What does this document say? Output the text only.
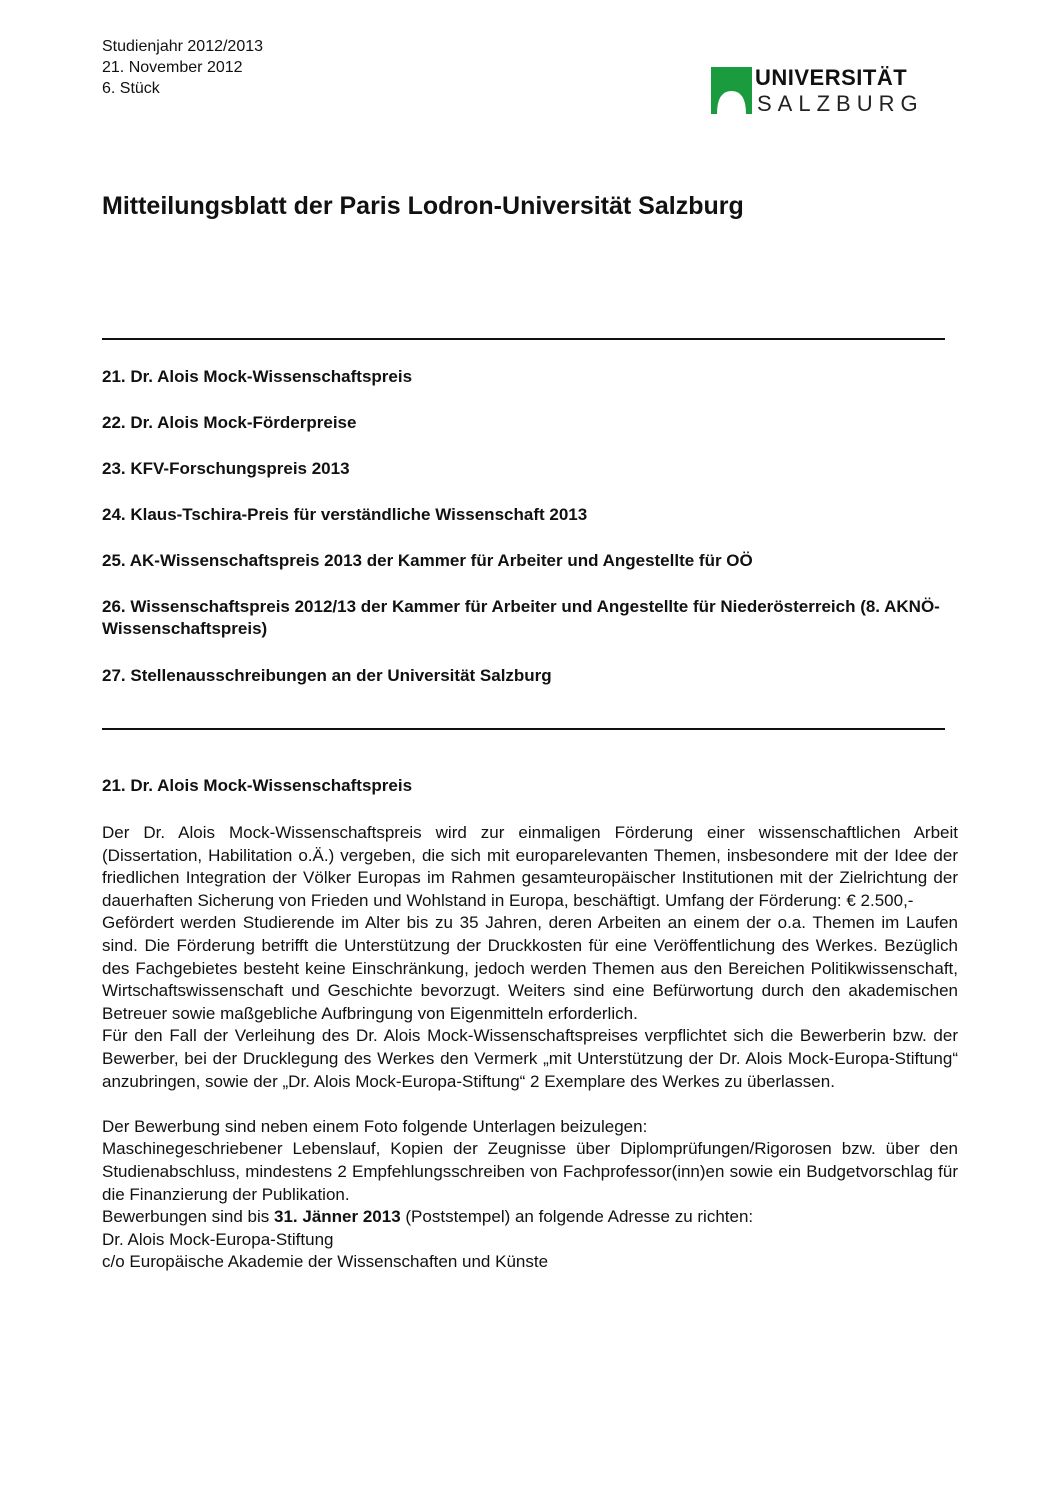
Studienjahr 2012/2013
21. November 2012
6. Stück	UNIVERSITÄT
SALZBURG
Mitteilungsblatt der Paris Lodron-Universität Salzburg
21. Dr. Alois Mock-Wissenschaftspreis
22. Dr. Alois Mock-Förderpreise
23. KFV-Forschungspreis 2013
24. Klaus-Tschira-Preis für verständliche Wissenschaft 2013
25. AK-Wissenschaftspreis 2013 der Kammer für Arbeiter und Angestellte für OÖ
26. Wissenschaftspreis 2012/13 der Kammer für Arbeiter und Angestellte für Niederösterreich (8. AKNÖ-Wissenschaftspreis)
27. Stellenausschreibungen an der Universität Salzburg
21. Dr. Alois Mock-Wissenschaftspreis

Der Dr. Alois Mock-Wissenschaftspreis wird zur einmaligen Förderung einer wissenschaftlichen Arbeit (Dissertation, Habilitation o.Ä.) vergeben, die sich mit europarelevanten Themen, insbesondere mit der Idee der friedlichen Integration der Völker Europas im Rahmen gesamteuropäischer Institutionen mit der Zielrichtung der dauerhaften Sicherung von Frieden und Wohlstand in Europa, beschäftigt. Umfang der Förderung: € 2.500,-

Gefördert werden Studierende im Alter bis zu 35 Jahren, deren Arbeiten an einem der o.a. Themen im Laufen sind. Die Förderung betrifft die Unterstützung der Druckkosten für eine Veröffentlichung des Werkes. Bezüglich des Fachgebietes besteht keine Einschränkung, jedoch werden Themen aus den Bereichen Politikwissenschaft, Wirtschaftswissenschaft und Geschichte bevorzugt. Weiters sind eine Befürwortung durch den akademischen Betreuer sowie maßgebliche Aufbringung von Eigenmitteln erforderlich.

Für den Fall der Verleihung des Dr. Alois Mock-Wissenschaftspreises verpflichtet sich die Bewerberin bzw. der Bewerber, bei der Drucklegung des Werkes den Vermerk „mit Unterstützung der Dr. Alois Mock-Europa-Stiftung“ anzubringen, sowie der „Dr. Alois Mock-Europa-Stiftung“ 2 Exemplare des Werkes zu überlassen.

Der Bewerbung sind neben einem Foto folgende Unterlagen beizulegen:

Maschinegeschriebener Lebenslauf, Kopien der Zeugnisse über Diplomprüfungen/Rigorosen bzw. über den Studienabschluss, mindestens 2 Empfehlungsschreiben von Fachprofessor(inn)en sowie ein Budgetvorschlag für die Finanzierung der Publikation.

Bewerbungen sind bis 31. Jänner 2013 (Poststempel) an folgende Adresse zu richten:

Dr. Alois Mock-Europa-Stiftung

c/o Europäische Akademie der Wissenschaften und Künste
